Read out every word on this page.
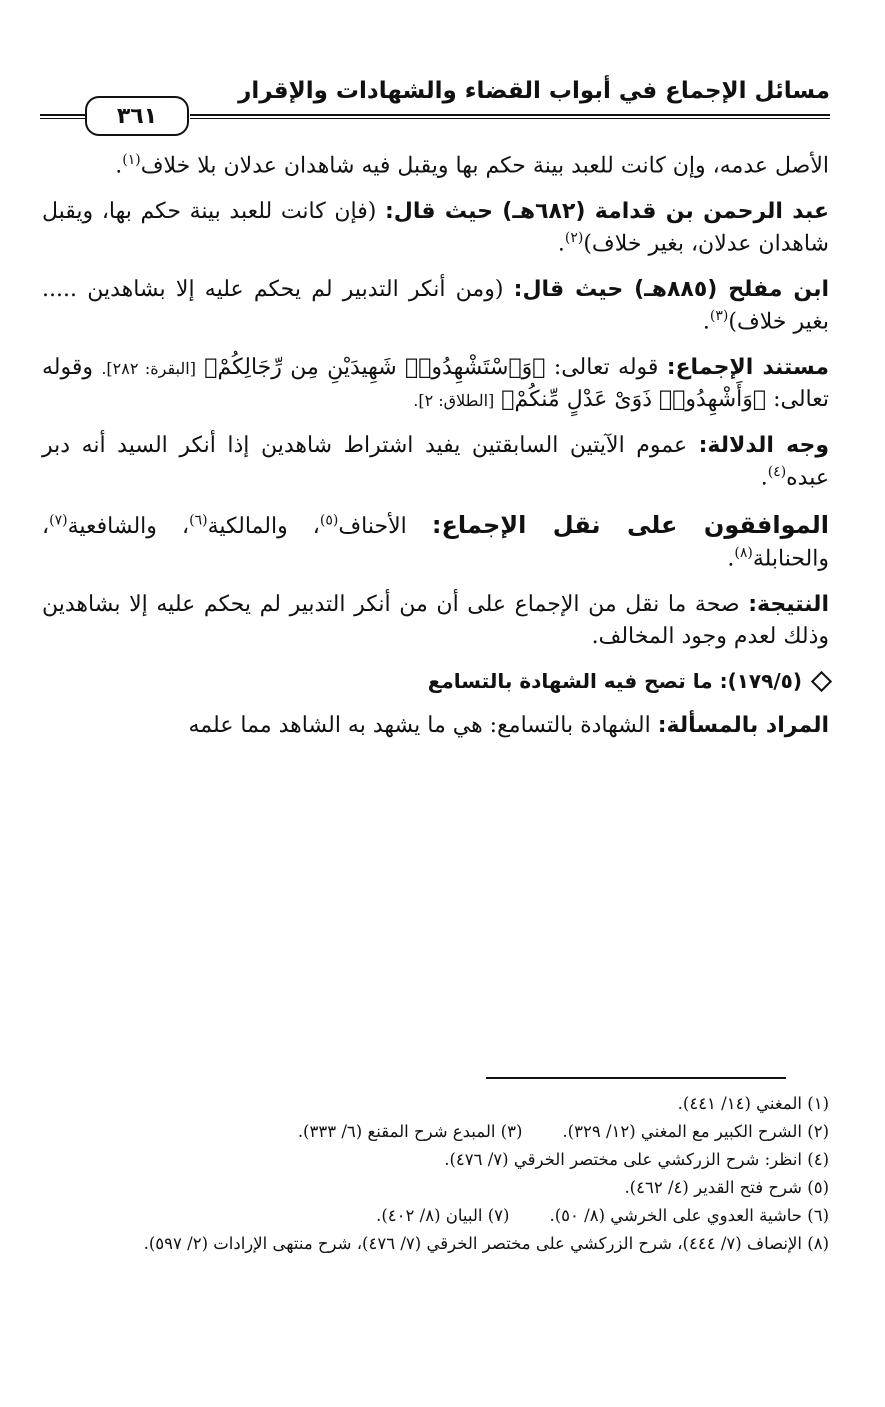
مسائل الإجماع في أبواب القضاء والشهادات والإقرار
٣٦١

الأصل عدمه، وإن كانت للعبد بينة حكم بها ويقبل فيه شاهدان عدلان بلا خلاف$^{(١)}$.

عبد الرحمن بن قدامة (٦٨٢هـ) حيث قال: (فإن كانت للعبد بينة حكم بها، ويقبل شاهدان عدلان، بغير خلاف)$^{(٢)}$.

ابن مفلح (٨٨٥هـ) حيث قال: (ومن أنكر التدبير لم يحكم عليه إلا بشاهدين ..... بغير خلاف)$^{(٣)}$.

مستند الإجماع: قوله تعالى: ﴿وَٱسْتَشْهِدُوا۟ شَهِيدَيْنِ مِن رِّجَالِكُمْ﴾ [البقرة: ٢٨٢]. وقوله تعالى: ﴿وَأَشْهِدُوا۟ ذَوَىْ عَدْلٍ مِّنكُمْ﴾ [الطلاق: ٢].

وجه الدلالة: عموم الآيتين السابقتين يفيد اشتراط شاهدين إذا أنكر السيد أنه دبر عبده$^{(٤)}$.

الموافقون على نقل الإجماع: الأحناف$^{(٥)}$، والمالكية$^{(٦)}$، والشافعية$^{(٧)}$، والحنابلة$^{(٨)}$.

النتيجة: صحة ما نقل من الإجماع على أن من أنكر التدبير لم يحكم عليه إلا بشاهدين وذلك لعدم وجود المخالف.

(١٧٩/٥): ما تصح فيه الشهادة بالتسامع

المراد بالمسألة: الشهادة بالتسامع: هي ما يشهد به الشاهد مما علمه

(١) المغني (١٤/ ٤٤١).
(٢) الشرح الكبير مع المغني (١٢/ ٣٢٩).
(٣) المبدع شرح المقنع (٦/ ٣٣٣).
(٤) انظر: شرح الزركشي على مختصر الخرقي (٧/ ٤٧٦).
(٥) شرح فتح القدير (٤/ ٤٦٢).
(٦) حاشية العدوي على الخرشي (٨/ ٥٠).
(٧) البيان (٨/ ٤٠٢).
(٨) الإنصاف (٧/ ٤٤٤)، شرح الزركشي على مختصر الخرقي (٧/ ٤٧٦)، شرح منتهى الإرادات (٢/ ٥٩٧).
